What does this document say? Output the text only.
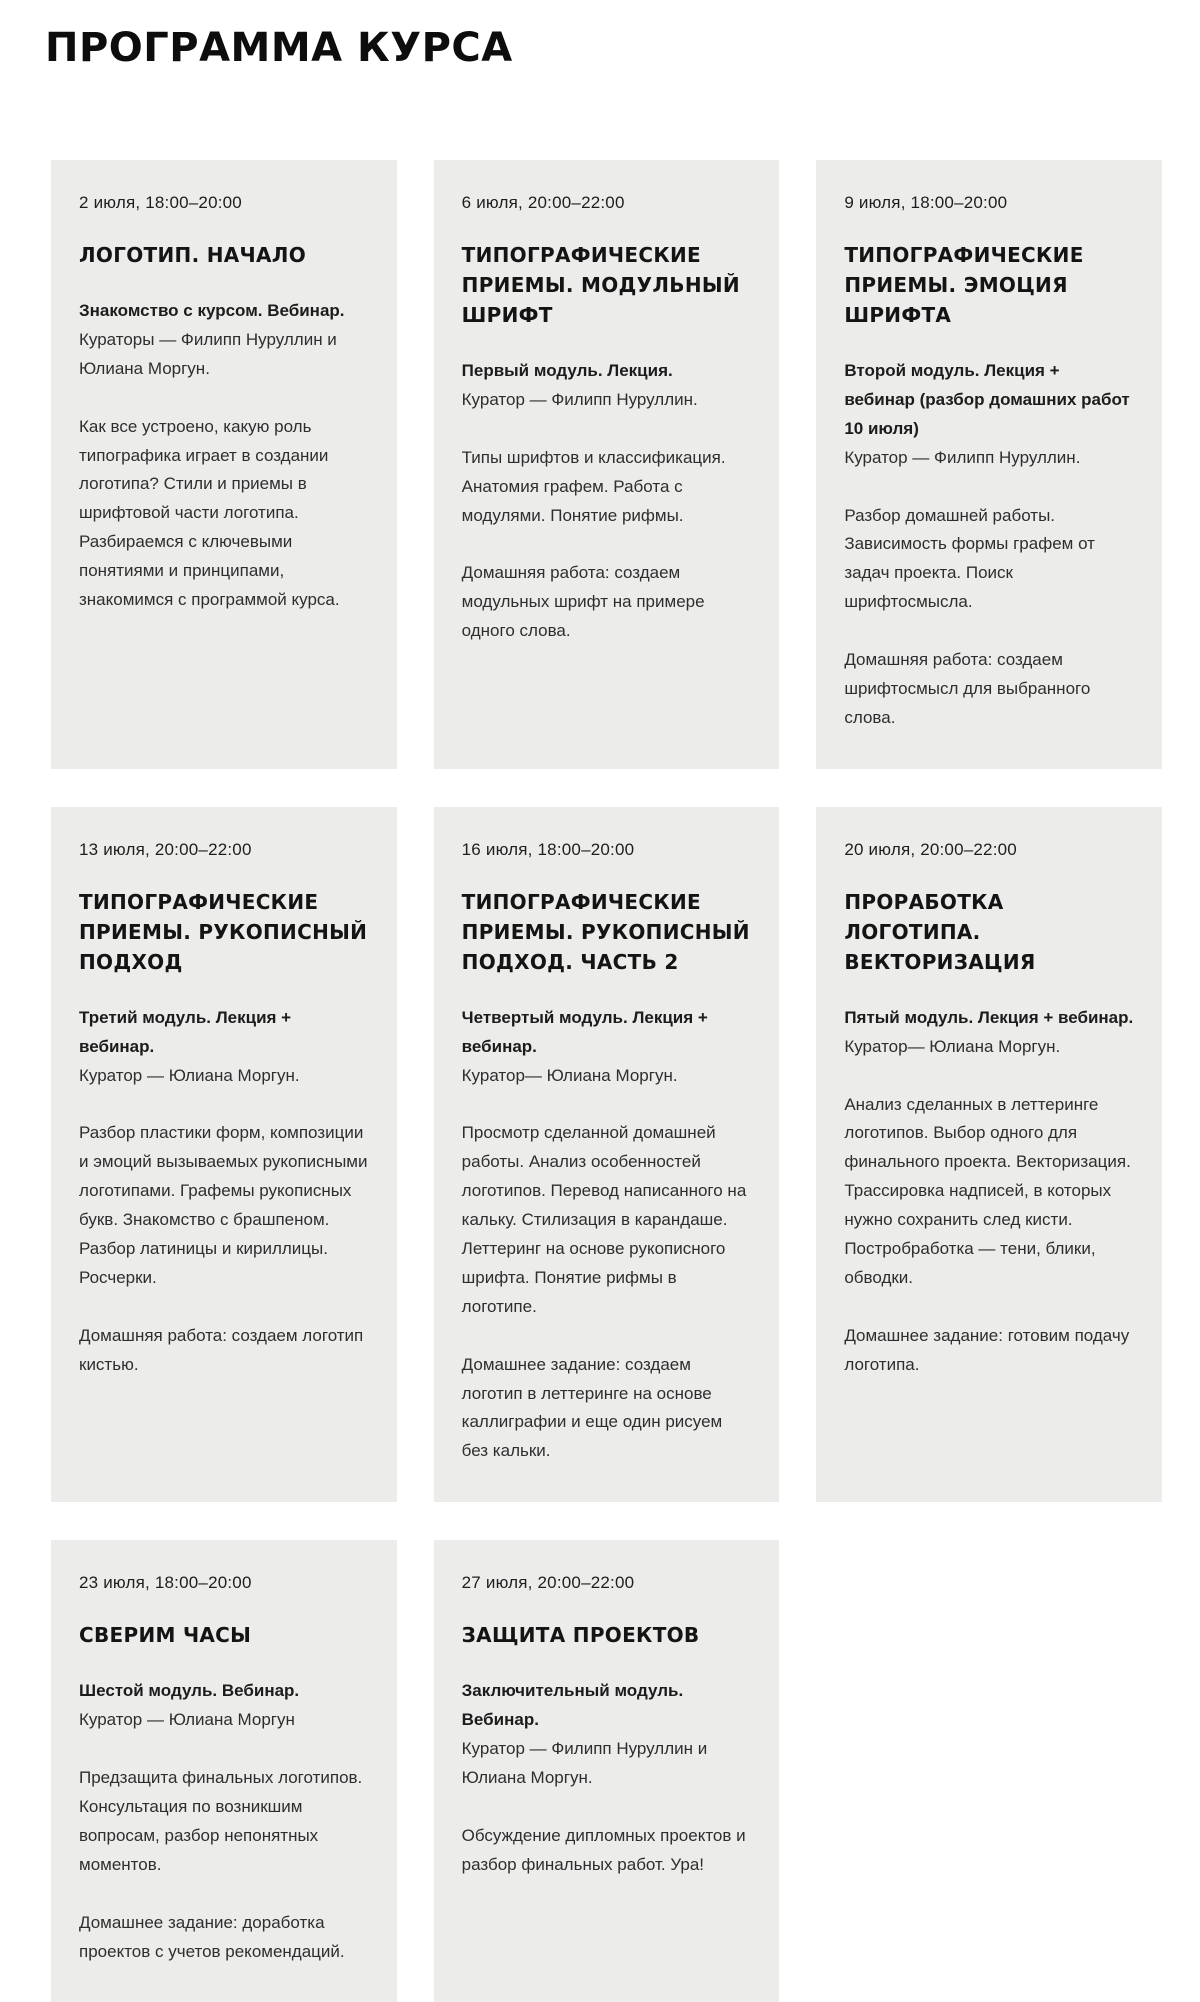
ПРОГРАММА КУРСА
2 июля, 18:00–20:00
ЛОГОТИП. НАЧАЛО

Знакомство с курсом. Вебинар.
Кураторы — Филипп Нуруллин и Юлиана Моргун.

Как все устроено, какую роль типографика играет в создании логотипа? Стили и приемы в шрифтовой части логотипа. Разбираемся с ключевыми понятиями и принципами, знакомимся с программой курса.

6 июля, 20:00–22:00
ТИПОГРАФИЧЕСКИЕ ПРИЕМЫ. МОДУЛЬНЫЙ ШРИФТ

Первый модуль. Лекция.
Куратор — Филипп Нуруллин.

Типы шрифтов и классификация. Анатомия графем. Работа с модулями. Понятие рифмы.

Домашняя работа: создаем модульных шрифт на примере одного слова.

9 июля, 18:00–20:00
ТИПОГРАФИЧЕСКИЕ ПРИЕМЫ. ЭМОЦИЯ ШРИФТА

Второй модуль. Лекция + вебинар (разбор домашних работ 10 июля)
Куратор — Филипп Нуруллин.

Разбор домашней работы. Зависимость формы графем от задач проекта. Поиск шрифтосмысла.

Домашняя работа: создаем шрифтосмысл для выбранного слова.

13 июля, 20:00–22:00
ТИПОГРАФИЧЕСКИЕ ПРИЕМЫ. РУКОПИСНЫЙ ПОДХОД

Третий модуль. Лекция + вебинар.
Куратор — Юлиана Моргун.

Разбор пластики форм, композиции и эмоций вызываемых рукописными логотипами. Графемы рукописных букв. Знакомство с брашпеном. Разбор латиницы и кириллицы. Росчерки.

Домашняя работа: создаем логотип кистью.

16 июля, 18:00–20:00
ТИПОГРАФИЧЕСКИЕ ПРИЕМЫ. РУКОПИСНЫЙ ПОДХОД. ЧАСТЬ 2

Четвертый модуль. Лекция + вебинар.
Куратор— Юлиана Моргун.

Просмотр сделанной домашней работы. Анализ особенностей логотипов. Перевод написанного на кальку. Стилизация в карандаше. Леттеринг на основе рукописного шрифта. Понятие рифмы в логотипе.

Домашнее задание: создаем логотип в леттеринге на основе каллиграфии и еще один рисуем без кальки.

20 июля, 20:00–22:00
ПРОРАБОТКА ЛОГОТИПА. ВЕКТОРИЗАЦИЯ

Пятый модуль. Лекция + вебинар.
Куратор— Юлиана Моргун.

Анализ сделанных в леттеринге логотипов. Выбор одного для финального проекта. Векторизация. Трассировка надписей, в которых нужно сохранить след кисти. Постробработка — тени, блики, обводки.

Домашнее задание: готовим подачу логотипа.

23 июля, 18:00–20:00
СВЕРИМ ЧАСЫ

Шестой модуль. Вебинар.
Куратор — Юлиана Моргун

Предзащита финальных логотипов. Консультация по возникшим вопросам, разбор непонятных моментов.

Домашнее задание: доработка проектов с учетов рекомендаций.

27 июля, 20:00–22:00
ЗАЩИТА ПРОЕКТОВ

Заключительный модуль. Вебинар.
Куратор — Филипп Нуруллин и Юлиана Моргун.

Обсуждение дипломных проектов и разбор финальных работ. Ура!
